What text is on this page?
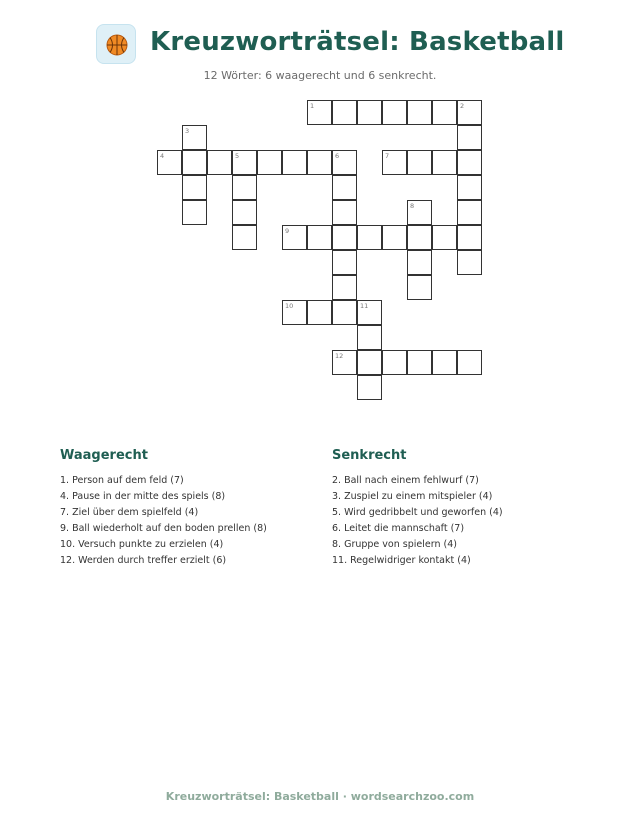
Kreuzworträtsel: Basketball
12 Wörter: 6 waagerecht und 6 senkrecht.
1	2
3
4	5	6	7
8
9
10	11
12
Waagerecht
1. Person auf dem feld (7)
4. Pause in der mitte des spiels (8)
7. Ziel über dem spielfeld (4)
9. Ball wiederholt auf den boden prellen (8)
10. Versuch punkte zu erzielen (4)
12. Werden durch treffer erzielt (6)
Senkrecht
2. Ball nach einem fehlwurf (7)
3. Zuspiel zu einem mitspieler (4)
5. Wird gedribbelt und geworfen (4)
6. Leitet die mannschaft (7)
8. Gruppe von spielern (4)
11. Regelwidriger kontakt (4)
Kreuzworträtsel: Basketball · wordsearchzoo.com
